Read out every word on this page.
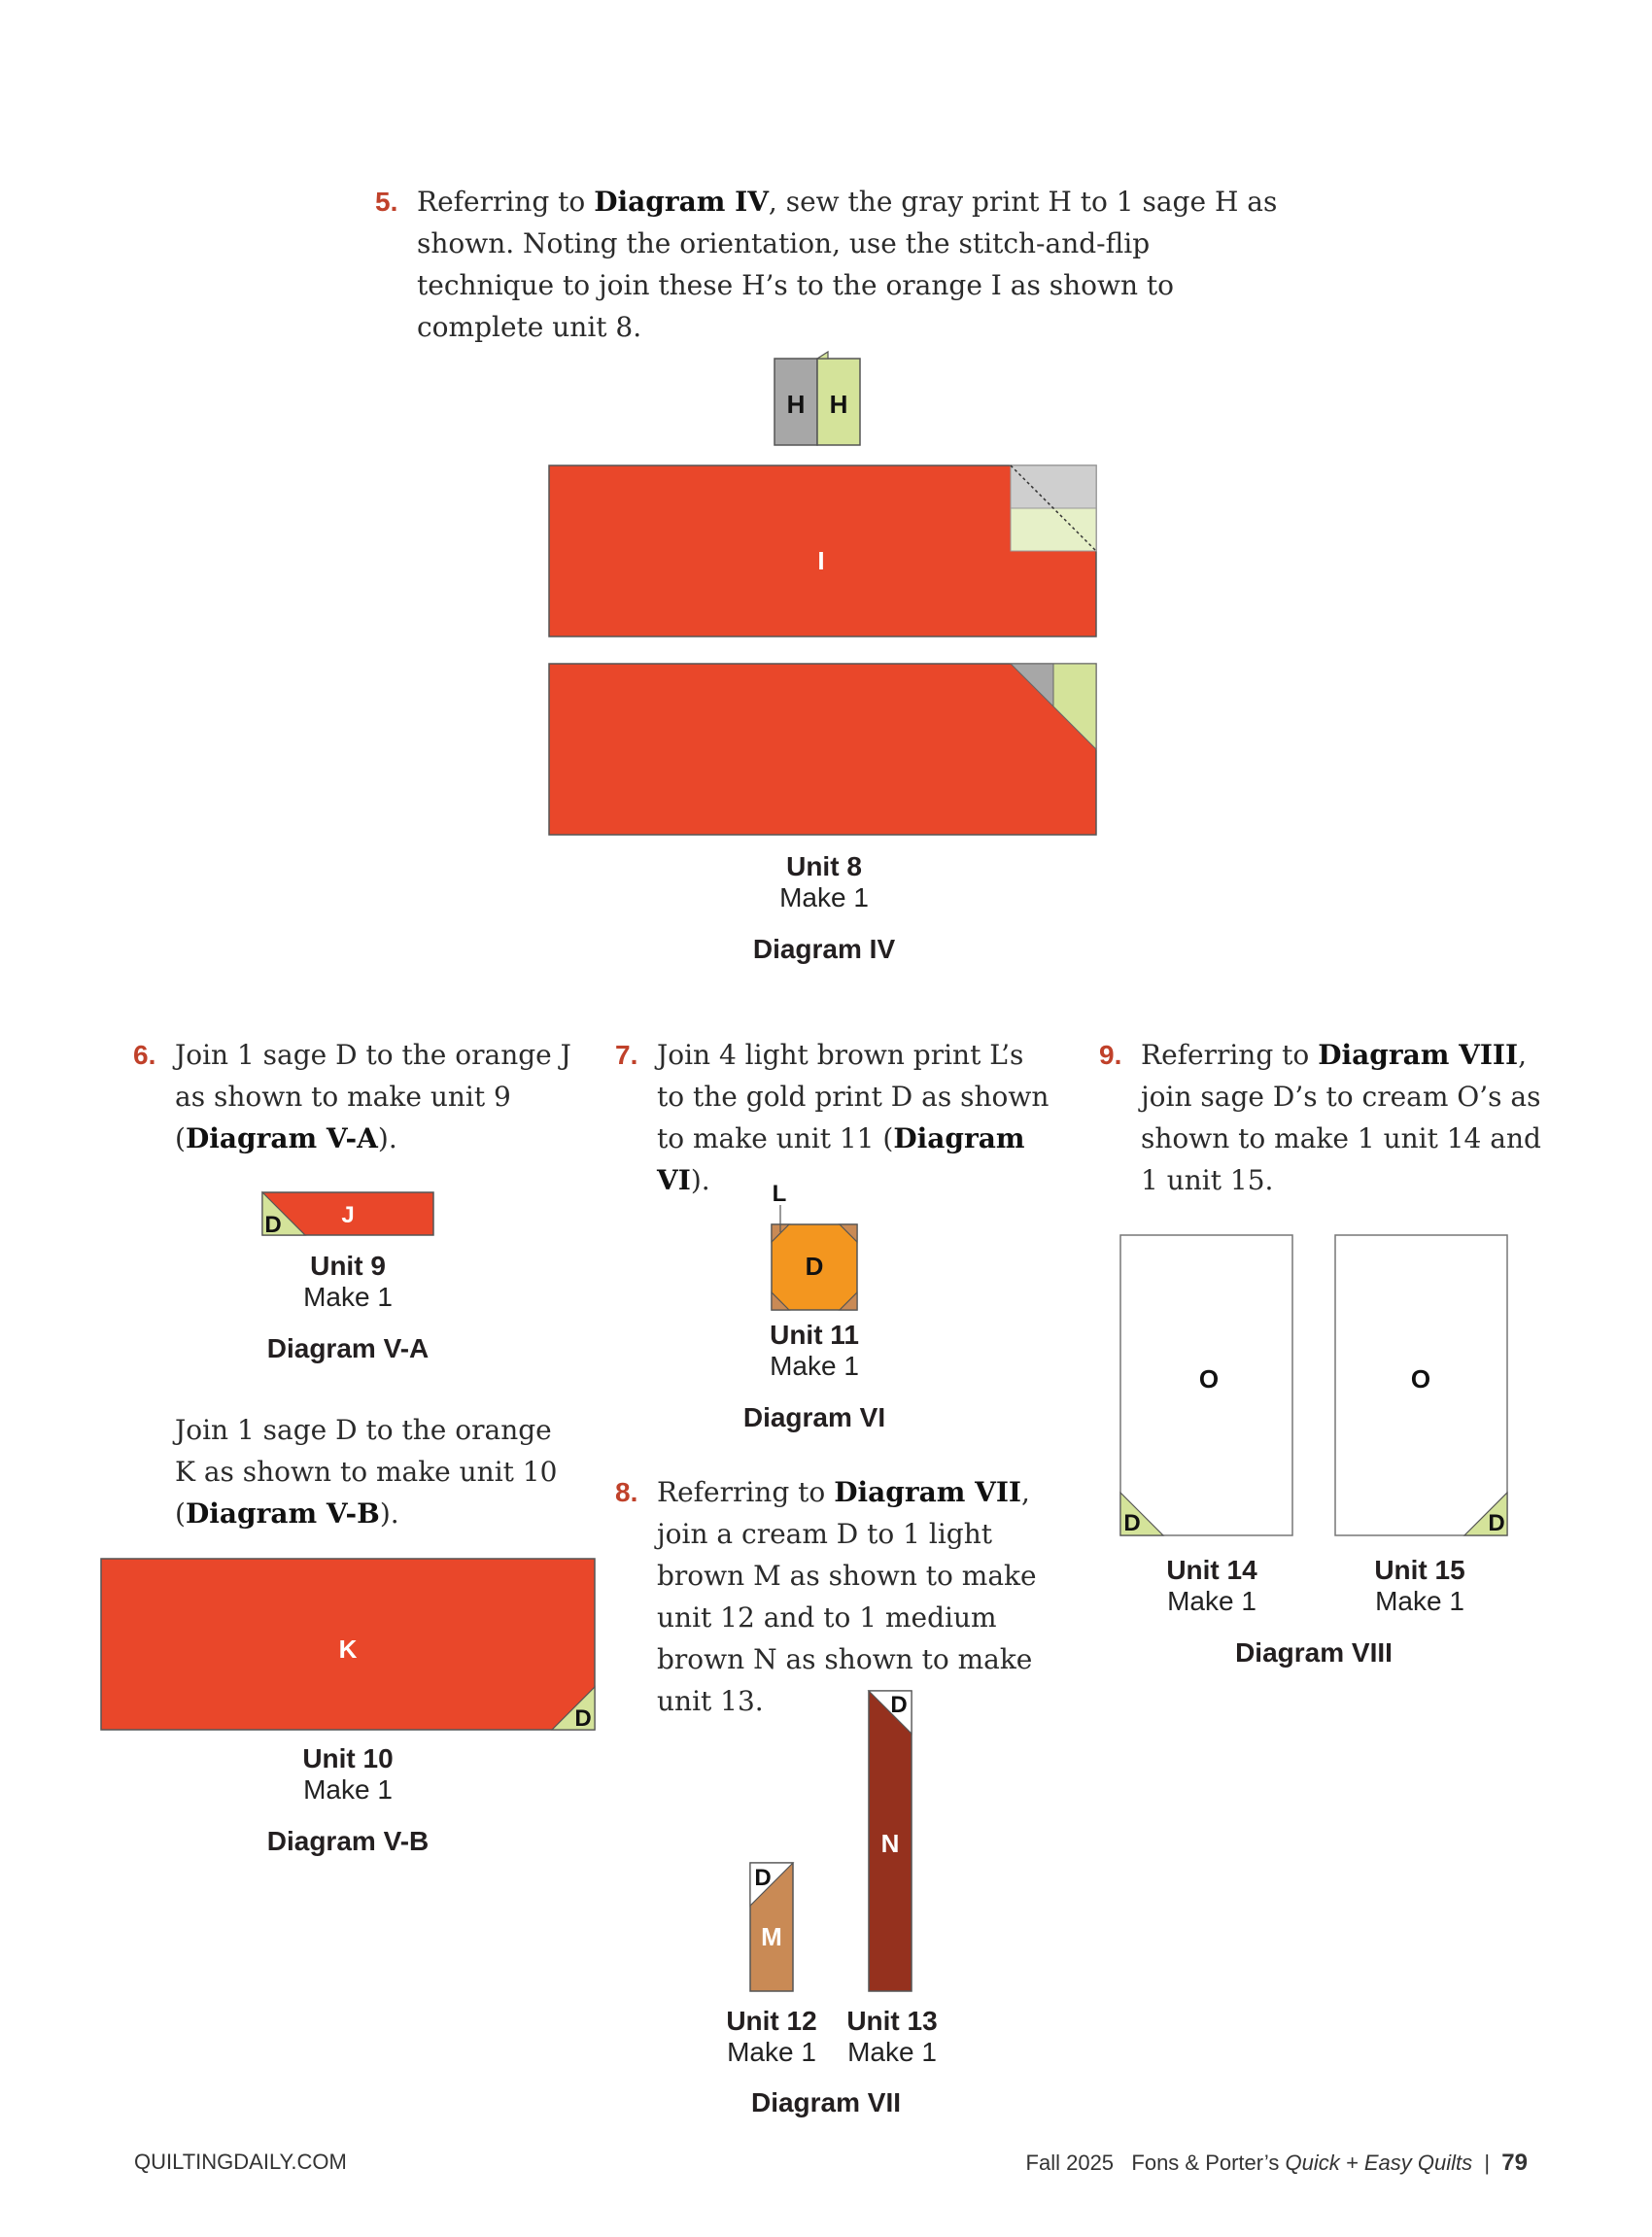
5. Referring to Diagram IV, sew the gray print H to 1 sage H as shown. Noting the orientation, use the stitch-and-flip technique to join these H’s to the orange I as shown to complete unit 8.
H H
I
D	J
D
K
L
D
D
M
D
N
D
O
D
O
Unit 8
Make 1
Diagram IV
6. Join 1 sage D to the orange J as shown to make unit 9 (Diagram V-A).
Unit 9
Make 1
Diagram V-A
Join 1 sage D to the orange K as shown to make unit 10 (Diagram V-B).
Unit 10
Make 1
Diagram V-B
7. Join 4 light brown print L’s to the gold print D as shown to make unit 11 (Diagram VI).
Unit 11
Make 1
Diagram VI
8. Referring to Diagram VII, join a cream D to 1 light brown M as shown to make unit 12 and to 1 medium brown N as shown to make unit 13.
Unit 12
Make 1
Unit 13
Make 1
Diagram VII
9. Referring to Diagram VIII, join sage D’s to cream O’s as shown to make 1 unit 14 and 1 unit 15.
Unit 14
Make 1
Unit 15
Make 1
Diagram VIII
QUILTINGDAILY.COM	Fall 2025 Fons & Porter’s Quick + Easy Quilts | 79
